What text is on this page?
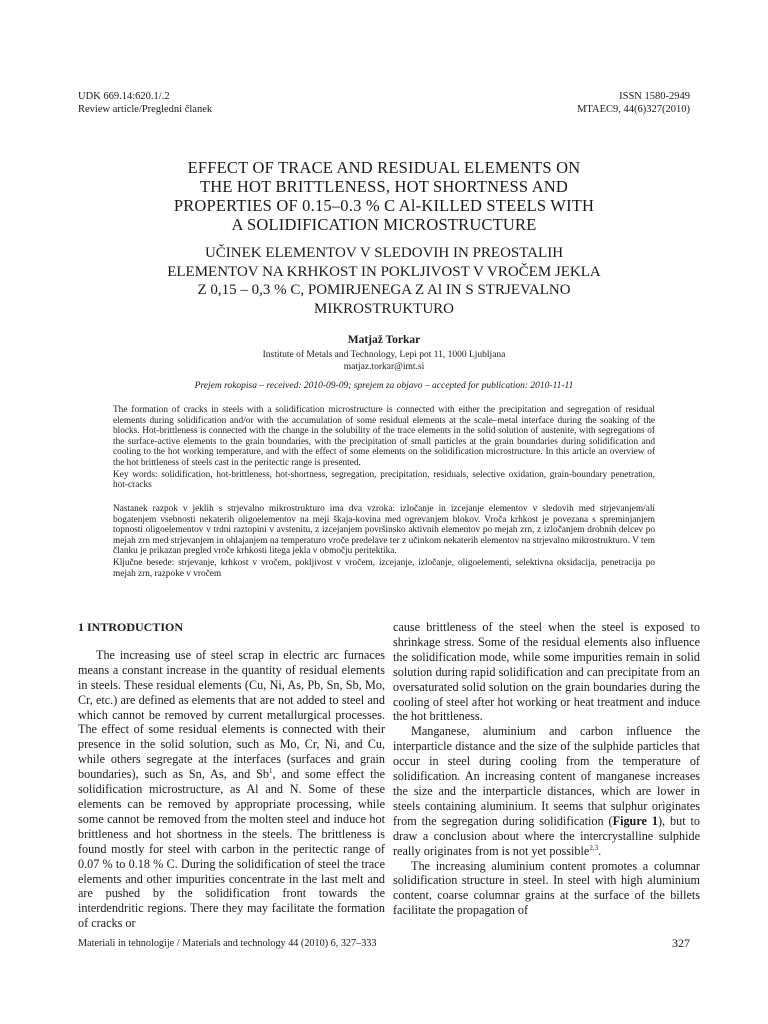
UDK 669.14:620.1/.2
Review article/Pregledni članek
ISSN 1580-2949
MTAEC9, 44(6)327(2010)
EFFECT OF TRACE AND RESIDUAL ELEMENTS ON
THE HOT BRITTLENESS, HOT SHORTNESS AND
PROPERTIES OF 0.15–0.3 % C Al-KILLED STEELS WITH
A SOLIDIFICATION MICROSTRUCTURE
UČINEK ELEMENTOV V SLEDOVIH IN PREOSTALIH
ELEMENTOV NA KRHKOST IN POKLJIVOST V VROČEM JEKLA
Z 0,15 – 0,3 % C, POMIRJENEGA Z Al IN S STRJEVALNO
MIKROSTRUKTURO
Matjaž Torkar
Institute of Metals and Technology, Lepi pot 11, 1000 Ljubljana
matjaz.torkar@imt.si
Prejem rokopisa – received: 2010-09-09; sprejem za objavo – accepted for publication: 2010-11-11

The formation of cracks in steels with a solidification microstructure is connected with either the precipitation and segregation of residual elements during solidification and/or with the accumulation of some residual elements at the scale–metal interface during the soaking of the blocks. Hot-brittleness is connected with the change in the solubility of the trace elements in the solid solution of austenite, with segregations of the surface-active elements to the grain boundaries, with the precipitation of small particles at the grain boundaries during solidification and cooling to the hot working temperature, and with the effect of some elements on the solidification microstructure. In this article an overview of the hot brittleness of steels cast in the peritectic range is presented.

Key words: solidification, hot-brittleness, hot-shortness, segregation, precipitation, residuals, selective oxidation, grain-boundary penetration, hot-cracks

Nastanek razpok v jeklih s strjevalno mikrostrukturo ima dva vzroka: izločanje in izcejanje elementov v sledovih med strjevanjem/ali bogatenjem vsebnosti nekaterih oligoelementov na meji škaja-kovina med ogrevanjem blokov. Vroča krhkost je povezana s spreminjanjem topnosti oligoelementov v trdni raztopini v avstenitu, z izcejanjem površinsko aktivnih elementov po mejah zrn, z izločanjem drobnih delcev po mejah zrn med strjevanjem in ohlajanjem na temperaturo vroče predelave ter z učinkom nekaterih elementov na strjevalno mikrostrukturo. V tem članku je prikazan pregled vroče krhkosti litega jekla v območju peritektika.

Ključne besede: strjevanje, krhkost v vročem, pokljivost v vročem, izcejanje, izločanje, oligoelementi, selektivna oksidacija, penetracija po mejah zrn, razpoke v vročem

1 INTRODUCTION

The increasing use of steel scrap in electric arc furnaces means a constant increase in the quantity of residual elements in steels. These residual elements (Cu, Ni, As, Pb, Sn, Sb, Mo, Cr, etc.) are defined as elements that are not added to steel and which cannot be removed by current metallurgical processes. The effect of some residual elements is connected with their presence in the solid solution, such as Mo, Cr, Ni, and Cu, while others segregate at the interfaces (surfaces and grain boundaries), such as Sn, As, and Sb$^1$, and some effect the solidification microstructure, as Al and N. Some of these elements can be removed by appropriate processing, while some cannot be removed from the molten steel and induce hot brittleness and hot shortness in the steels. The brittleness is found mostly for steel with carbon in the peritectic range of 0.07 % to 0.18 % C. During the solidification of steel the trace elements and other impurities concentrate in the last melt and are pushed by the solidification front towards the interdendritic regions. There they may facilitate the formation of cracks or

cause brittleness of the steel when the steel is exposed to shrinkage stress. Some of the residual elements also influence the solidification mode, while some impurities remain in solid solution during rapid solidification and can precipitate from an oversaturated solid solution on the grain boundaries during the cooling of steel after hot working or heat treatment and induce the hot brittleness.

Manganese, aluminium and carbon influence the interparticle distance and the size of the sulphide particles that occur in steel during cooling from the temperature of solidification. An increasing content of manganese increases the size and the interparticle distances, which are lower in steels containing aluminium. It seems that sulphur originates from the segregation during solidification (Figure 1), but to draw a conclusion about where the intercrystalline sulphide really originates from is not yet possible$^{2,3}$.

The increasing aluminium content promotes a columnar solidification structure in steel. In steel with high aluminium content, coarse columnar grains at the surface of the billets facilitate the propagation of

Materiali in tehnologije / Materials and technology 44 (2010) 6, 327–333	327
